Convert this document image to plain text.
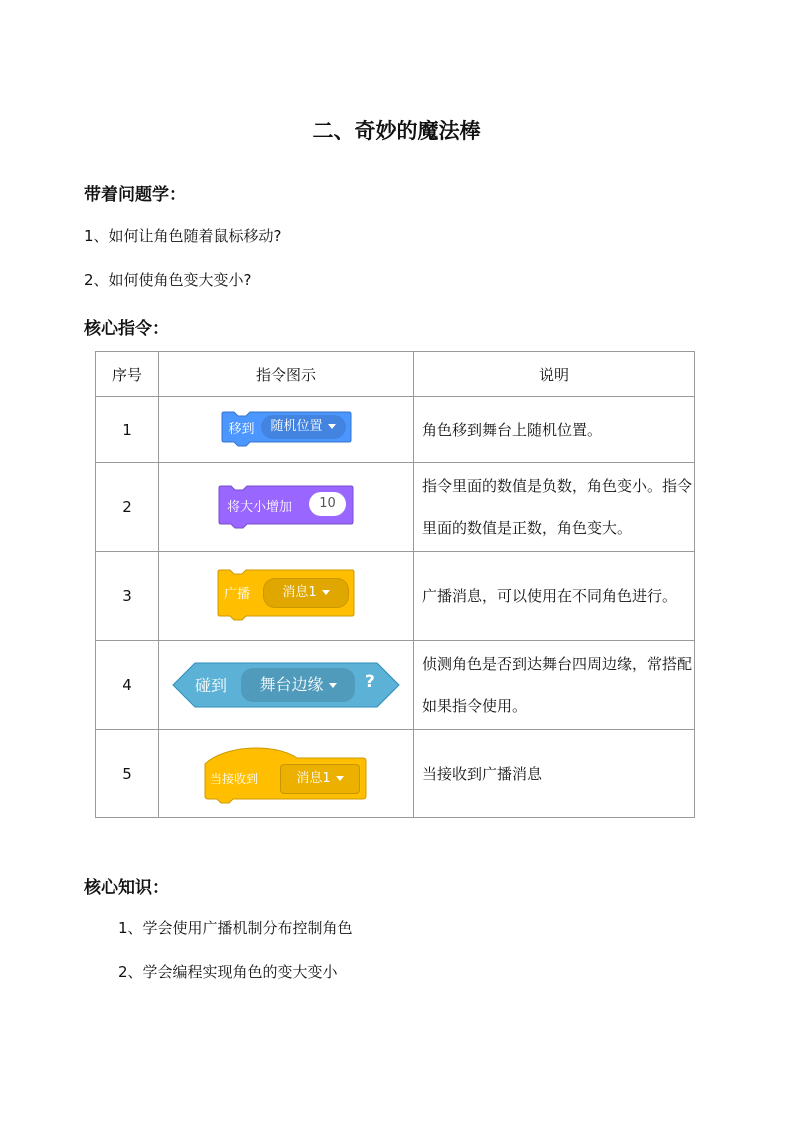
二、奇妙的魔法棒
带着问题学：
1、如何让角色随着鼠标移动?
2、如何使角色变大变小?
核心指令：
序号	指令图示	说明
1	移到 随机位置	角色移到舞台上随机位置。
2	将大小增加 10	指令里面的数值是负数，角色变小。指令里面的数值是正数，角色变大。
3	广播 消息1	广播消息，可以使用在不同角色进行。
4	碰到 舞台边缘 ?	侦测角色是否到达舞台四周边缘，常搭配如果指令使用。
5	当接收到 消息1	当接收到广播消息
核心知识：
1、学会使用广播机制分布控制角色
2、学会编程实现角色的变大变小
